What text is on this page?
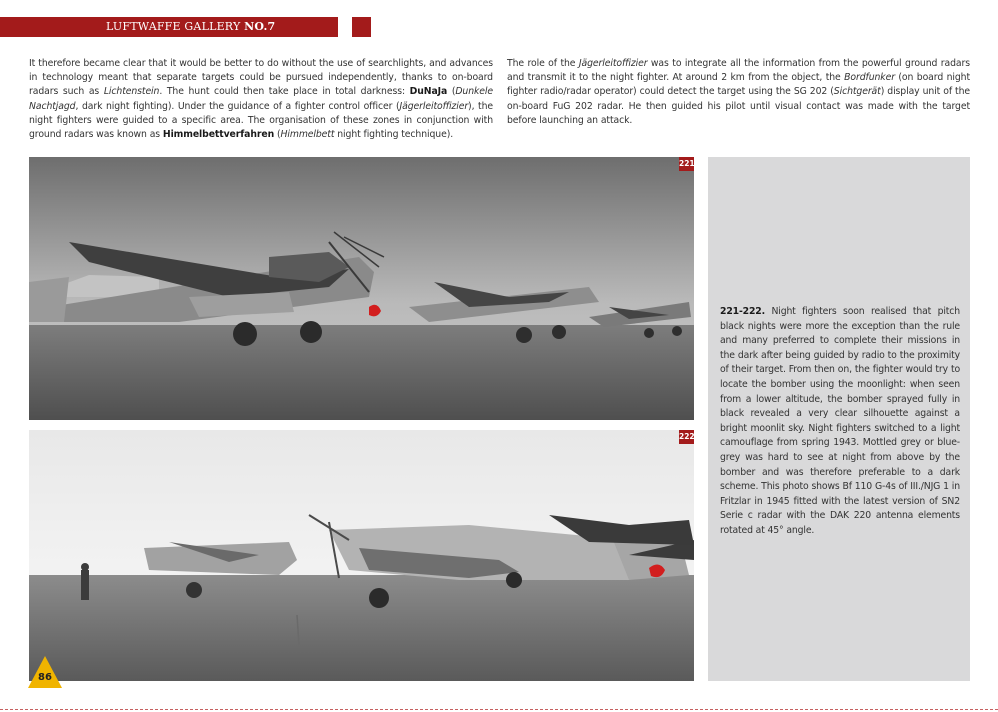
LUFTWAFFE GALLERY NO.7
It therefore became clear that it would be better to do without the use of searchlights, and advances in technology meant that separate targets could be pursued independently, thanks to on-board radars such as Lichtenstein. The hunt could then take place in total darkness: DuNaJa (Dunkele Nachtjagd, dark night fighting). Under the guidance of a fighter control officer (Jägerleitoffizier), the night fighters were guided to a specific area. The organisation of these zones in conjunction with ground radars was known as Himmelbettverfahren (Himmelbett night fighting technique).
The role of the Jägerleitoffizier was to integrate all the information from the powerful ground radars and transmit it to the night fighter. At around 2 km from the object, the Bordfunker (on board night fighter radio/radar operator) could detect the target using the SG 202 (Sichtgerät) display unit of the on-board FuG 202 radar. He then guided his pilot until visual contact was made with the target before launching an attack.
221
222
221-222. Night fighters soon realised that pitch black nights were more the exception than the rule and many preferred to complete their missions in the dark after being guided by radio to the proximity of their target. From then on, the fighter would try to locate the bomber using the moonlight: when seen from a lower altitude, the bomber sprayed fully in black revealed a very clear silhouette against a bright moonlit sky. Night fighters switched to a light camouflage from spring 1943. Mottled grey or blue-grey was hard to see at night from above by the bomber and was therefore preferable to a dark scheme. This photo shows Bf 110 G-4s of III./NJG 1 in Fritzlar in 1945 fitted with the latest version of SN2 Serie c radar with the DAK 220 antenna elements rotated at 45° angle.
86
